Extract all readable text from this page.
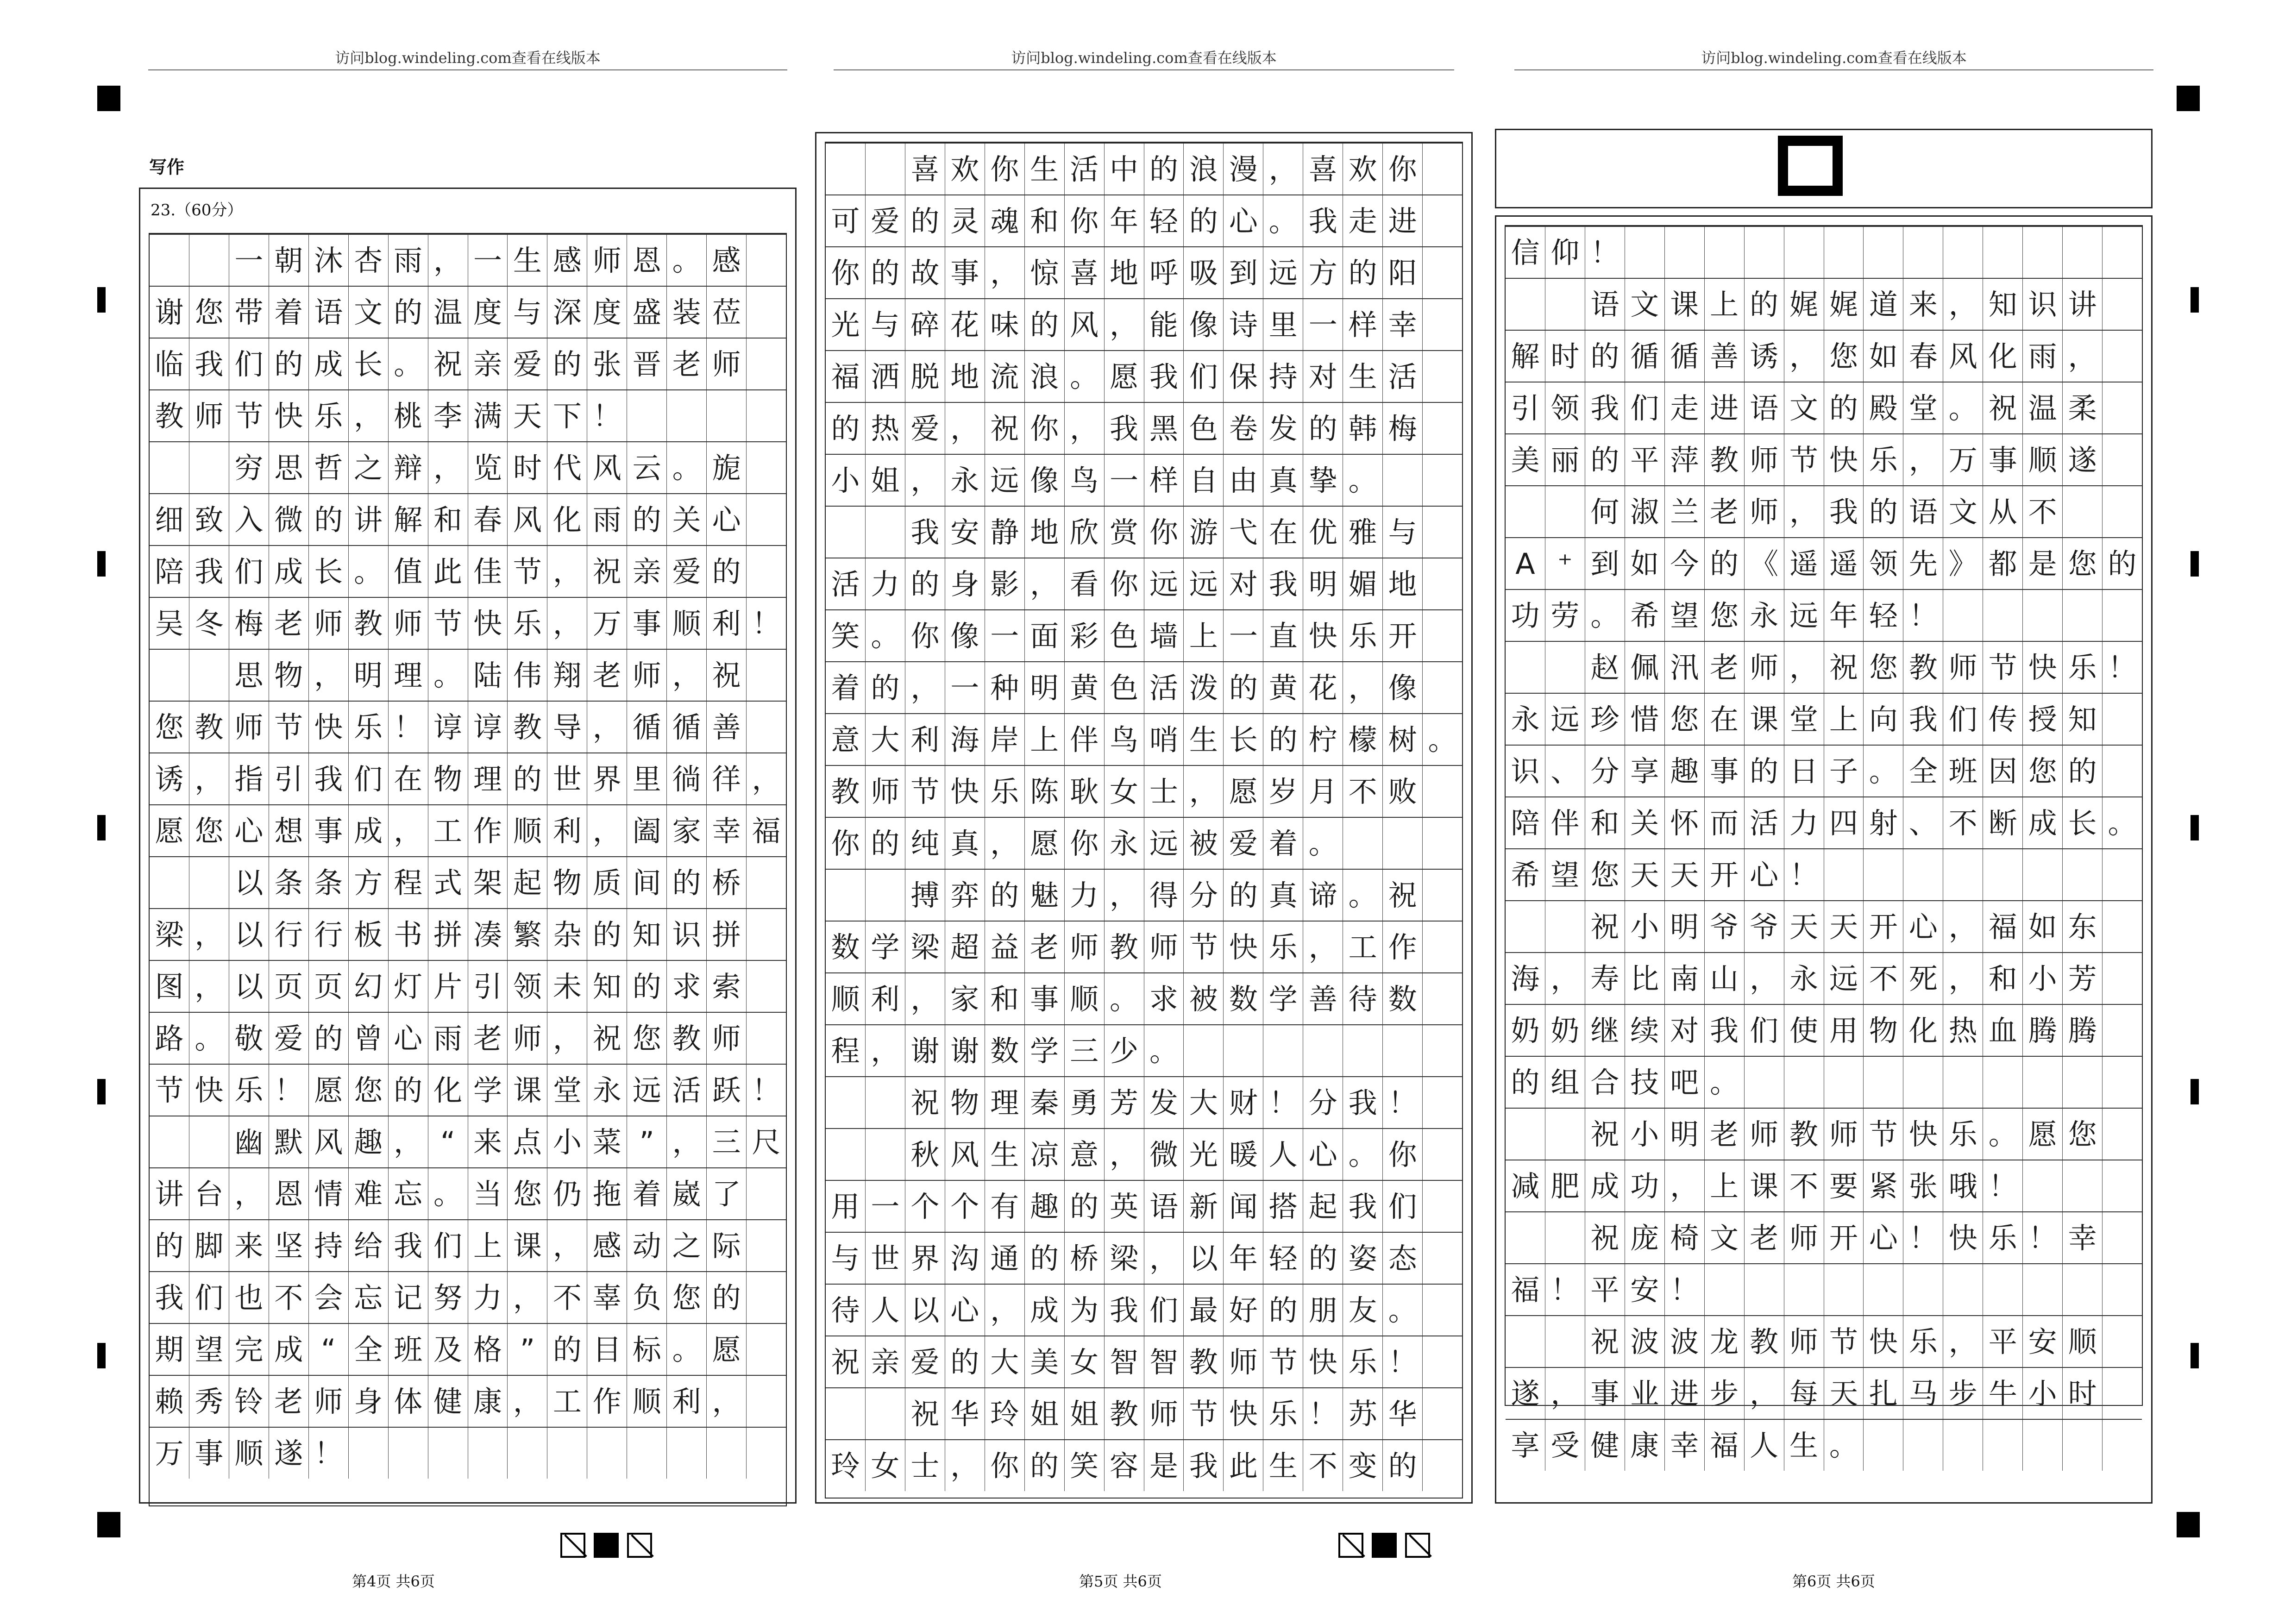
访问blog.windeling.com查看在线版本	访问blog.windeling.com查看在线版本	访问blog.windeling.com查看在线版本
写作
23.（60分）
一 朝 沐 杏 雨 ， 一 生 感 师 恩 。 感
谢 您 带 着 语 文 的 温 度 与 深 度 盛 装 莅
临 我 们 的 成 长 。 祝 亲 爱 的 张 晋 老 师
教 师 节 快 乐 ， 桃 李 满 天 下 ！
穷 思 哲 之 辩 ， 览 时 代 风 云 。 旎
细 致 入 微 的 讲 解 和 春 风 化 雨 的 关 心
陪 我 们 成 长 。 值 此 佳 节 ， 祝 亲 爱 的
吴 冬 梅 老 师 教 师 节 快 乐 ， 万 事 顺 利 ！
思 物 ， 明 理 。 陆 伟 翔 老 师 ， 祝
您 教 师 节 快 乐 ！ 谆 谆 教 导 ， 循 循 善
诱 ， 指 引 我 们 在 物 理 的 世 界 里 徜 徉 ，
愿 您 心 想 事 成 ， 工 作 顺 利 ， 阖 家 幸 福
以 条 条 方 程 式 架 起 物 质 间 的 桥
梁 ， 以 行 行 板 书 拼 凑 繁 杂 的 知 识 拼
图 ， 以 页 页 幻 灯 片 引 领 未 知 的 求 索
路 。 敬 爱 的 曾 心 雨 老 师 ， 祝 您 教 师
节 快 乐 ！ 愿 您 的 化 学 课 堂 永 远 活 跃 ！
幽 默 风 趣 ， “ 来 点 小 菜 ” ， 三 尺
讲 台 ， 恩 情 难 忘 。 当 您 仍 拖 着 崴 了
的 脚 来 坚 持 给 我 们 上 课 ， 感 动 之 际
我 们 也 不 会 忘 记 努 力 ， 不 辜 负 您 的
期 望 完 成 “ 全 班 及 格 ” 的 目 标 。 愿
赖 秀 铃 老 师 身 体 健 康 ， 工 作 顺 利 ，
万 事 顺 遂 ！
喜 欢 你 生 活 中 的 浪 漫 ， 喜 欢 你
可 爱 的 灵 魂 和 你 年 轻 的 心 。 我 走 进
你 的 故 事 ， 惊 喜 地 呼 吸 到 远 方 的 阳
光 与 碎 花 味 的 风 ， 能 像 诗 里 一 样 幸
福 洒 脱 地 流 浪 。 愿 我 们 保 持 对 生 活
的 热 爱 ， 祝 你 ， 我 黑 色 卷 发 的 韩 梅
小 姐 ， 永 远 像 鸟 一 样 自 由 真 挚 。
我 安 静 地 欣 赏 你 游 弋 在 优 雅 与
活 力 的 身 影 ， 看 你 远 远 对 我 明 媚 地
笑 。 你 像 一 面 彩 色 墙 上 一 直 快 乐 开
着 的 ， 一 种 明 黄 色 活 泼 的 黄 花 ， 像
意 大 利 海 岸 上 伴 鸟 哨 生 长 的 柠 檬 树 。
教 师 节 快 乐 陈 耿 女 士 ， 愿 岁 月 不 败
你 的 纯 真 ， 愿 你 永 远 被 爱 着 。
搏 弈 的 魅 力 ， 得 分 的 真 谛 。 祝
数 学 梁 超 益 老 师 教 师 节 快 乐 ， 工 作
顺 利 ， 家 和 事 顺 。 求 被 数 学 善 待 数
程 ， 谢 谢 数 学 三 少 。
祝 物 理 秦 勇 芳 发 大 财 ！ 分 我 ！
秋 风 生 凉 意 ， 微 光 暖 人 心 。 你
用 一 个 个 有 趣 的 英 语 新 闻 搭 起 我 们
与 世 界 沟 通 的 桥 梁 ， 以 年 轻 的 姿 态
待 人 以 心 ， 成 为 我 们 最 好 的 朋 友 。
祝 亲 爱 的 大 美 女 智 智 教 师 节 快 乐 ！
祝 华 玲 姐 姐 教 师 节 快 乐 ！ 苏 华
玲 女 士 ， 你 的 笑 容 是 我 此 生 不 变 的
信 仰 ！
语 文 课 上 的 娓 娓 道 来 ， 知 识 讲
解 时 的 循 循 善 诱 ， 您 如 春 风 化 雨 ，
引 领 我 们 走 进 语 文 的 殿 堂 。 祝 温 柔
美 丽 的 平 萍 教 师 节 快 乐 ， 万 事 顺 遂
何 淑 兰 老 师 ， 我 的 语 文 从 不
A ⁺ 到 如 今 的 《 遥 遥 领 先 》 都 是 您 的
功 劳 。 希 望 您 永 远 年 轻 ！
赵 佩 汛 老 师 ， 祝 您 教 师 节 快 乐 ！
永 远 珍 惜 您 在 课 堂 上 向 我 们 传 授 知
识 、 分 享 趣 事 的 日 子 。 全 班 因 您 的
陪 伴 和 关 怀 而 活 力 四 射 、 不 断 成 长 。
希 望 您 天 天 开 心 ！
祝 小 明 爷 爷 天 天 开 心 ， 福 如 东
海 ， 寿 比 南 山 ， 永 远 不 死 ， 和 小 芳
奶 奶 继 续 对 我 们 使 用 物 化 热 血 腾 腾
的 组 合 技 吧 。
祝 小 明 老 师 教 师 节 快 乐 。 愿 您
减 肥 成 功 ， 上 课 不 要 紧 张 哦 ！
祝 庞 椅 文 老 师 开 心 ！ 快 乐 ！ 幸
福 ！ 平 安 ！
祝 波 波 龙 教 师 节 快 乐 ， 平 安 顺
遂 ， 事 业 进 步 ， 每 天 扎 马 步 牛 小 时
享 受 健 康 幸 福 人 生 。
第4页 共6页	第5页 共6页	第6页 共6页
